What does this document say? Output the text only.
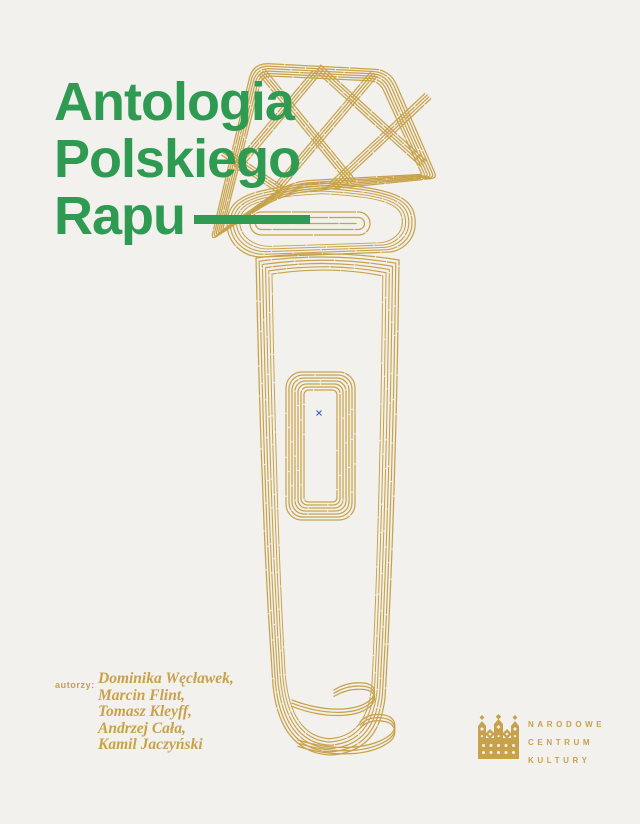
Antologia
Polskiego
Rapu
autorzy: Dominika Węcławek,
Marcin Flint,
Tomasz Kleyff,
Andrzej Cała,
Kamil Jaczyński
NARODOWE
CENTRUM
KULTURY
